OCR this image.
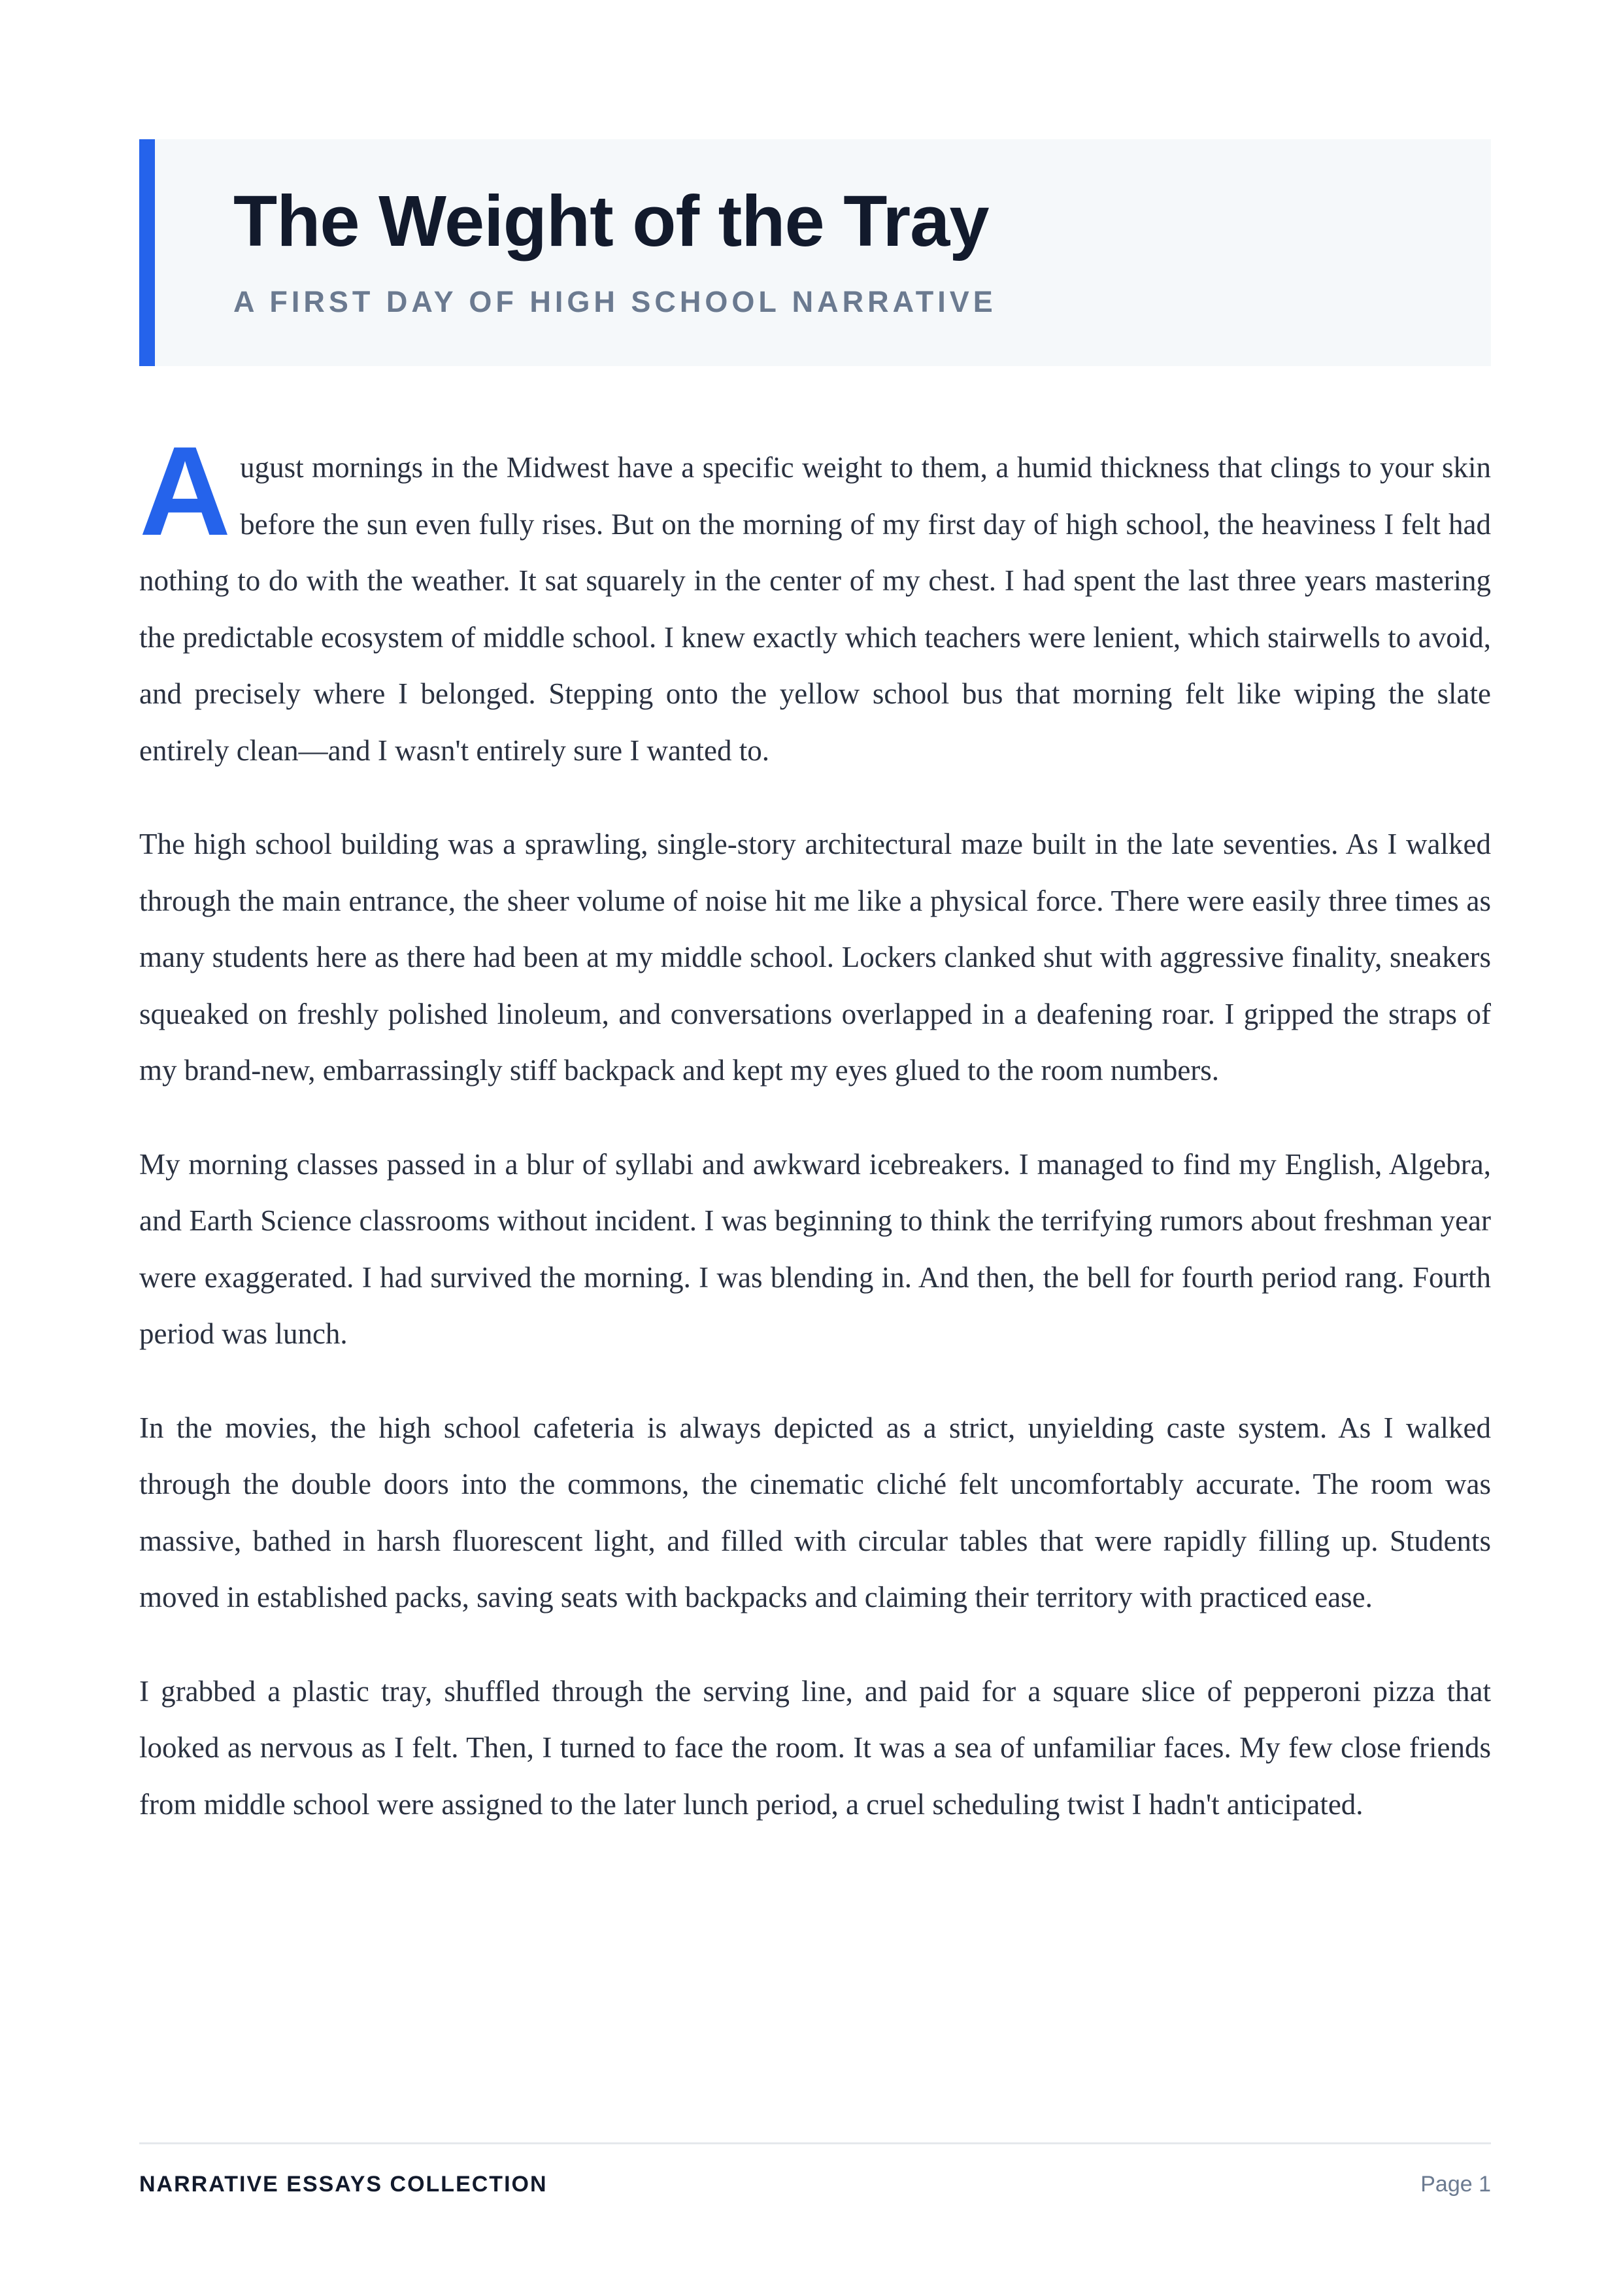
The Weight of the Tray
A FIRST DAY OF HIGH SCHOOL NARRATIVE

August mornings in the Midwest have a specific weight to them, a humid thickness that clings to your skin before the sun even fully rises. But on the morning of my first day of high school, the heaviness I felt had nothing to do with the weather. It sat squarely in the center of my chest. I had spent the last three years mastering the predictable ecosystem of middle school. I knew exactly which teachers were lenient, which stairwells to avoid, and precisely where I belonged. Stepping onto the yellow school bus that morning felt like wiping the slate entirely clean—and I wasn't entirely sure I wanted to.

The high school building was a sprawling, single-story architectural maze built in the late seventies. As I walked through the main entrance, the sheer volume of noise hit me like a physical force. There were easily three times as many students here as there had been at my middle school. Lockers clanked shut with aggressive finality, sneakers squeaked on freshly polished linoleum, and conversations overlapped in a deafening roar. I gripped the straps of my brand-new, embarrassingly stiff backpack and kept my eyes glued to the room numbers.

My morning classes passed in a blur of syllabi and awkward icebreakers. I managed to find my English, Algebra, and Earth Science classrooms without incident. I was beginning to think the terrifying rumors about freshman year were exaggerated. I had survived the morning. I was blending in. And then, the bell for fourth period rang. Fourth period was lunch.

In the movies, the high school cafeteria is always depicted as a strict, unyielding caste system. As I walked through the double doors into the commons, the cinematic cliché felt uncomfortably accurate. The room was massive, bathed in harsh fluorescent light, and filled with circular tables that were rapidly filling up. Students moved in established packs, saving seats with backpacks and claiming their territory with practiced ease.

I grabbed a plastic tray, shuffled through the serving line, and paid for a square slice of pepperoni pizza that looked as nervous as I felt. Then, I turned to face the room. It was a sea of unfamiliar faces. My few close friends from middle school were assigned to the later lunch period, a cruel scheduling twist I hadn't anticipated.

NARRATIVE ESSAYS COLLECTION	Page 1
